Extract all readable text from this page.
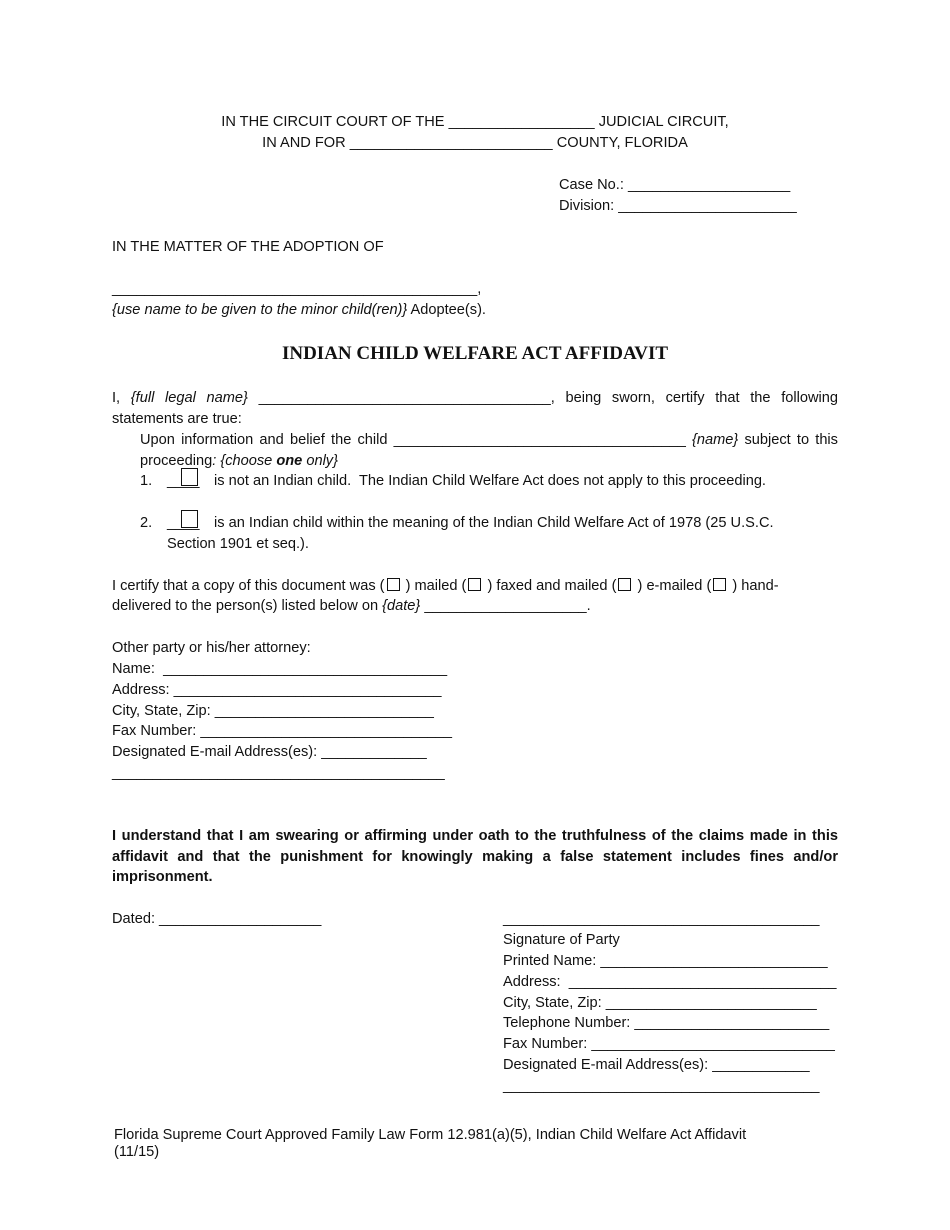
IN THE CIRCUIT COURT OF THE __________________ JUDICIAL CIRCUIT,
IN AND FOR _________________________ COUNTY, FLORIDA
Case No.: ____________________
Division: ______________________
IN THE MATTER OF THE ADOPTION OF
_____________________________________________,
{use name to be given to the minor child(ren)} Adoptee(s).
INDIAN CHILD WELFARE ACT AFFIDAVIT
I, {full legal name} ____________________________________, being sworn, certify that the following statements are true:
Upon information and belief the child ____________________________________ {name} subject to this proceeding: {choose one only}
1. ____ is not an Indian child.  The Indian Child Welfare Act does not apply to this proceeding.
2. ____ is an Indian child within the meaning of the Indian Child Welfare Act of 1978 (25 U.S.C.
Section 1901 et seq.).
I certify that a copy of this document was ( ) mailed ( ) faxed and mailed ( ) e-mailed ( ) hand-
delivered to the person(s) listed below on {date} ____________________.
Other party or his/her attorney:
Name:  ___________________________________
Address: _________________________________
City, State, Zip: ___________________________
Fax Number: _______________________________
Designated E-mail Address(es): _____________
_________________________________________
I understand that I am swearing or affirming under oath to the truthfulness of the claims made in this affidavit and that the punishment for knowingly making a false statement includes fines and/or imprisonment.
Dated: ____________________	_______________________________________
Signature of Party
Printed Name: ____________________________
Address:  _________________________________
City, State, Zip: __________________________
Telephone Number: ________________________
Fax Number: ______________________________
Designated E-mail Address(es): ____________
_______________________________________
Florida Supreme Court Approved Family Law Form 12.981(a)(5), Indian Child Welfare Act Affidavit
(11/15)
